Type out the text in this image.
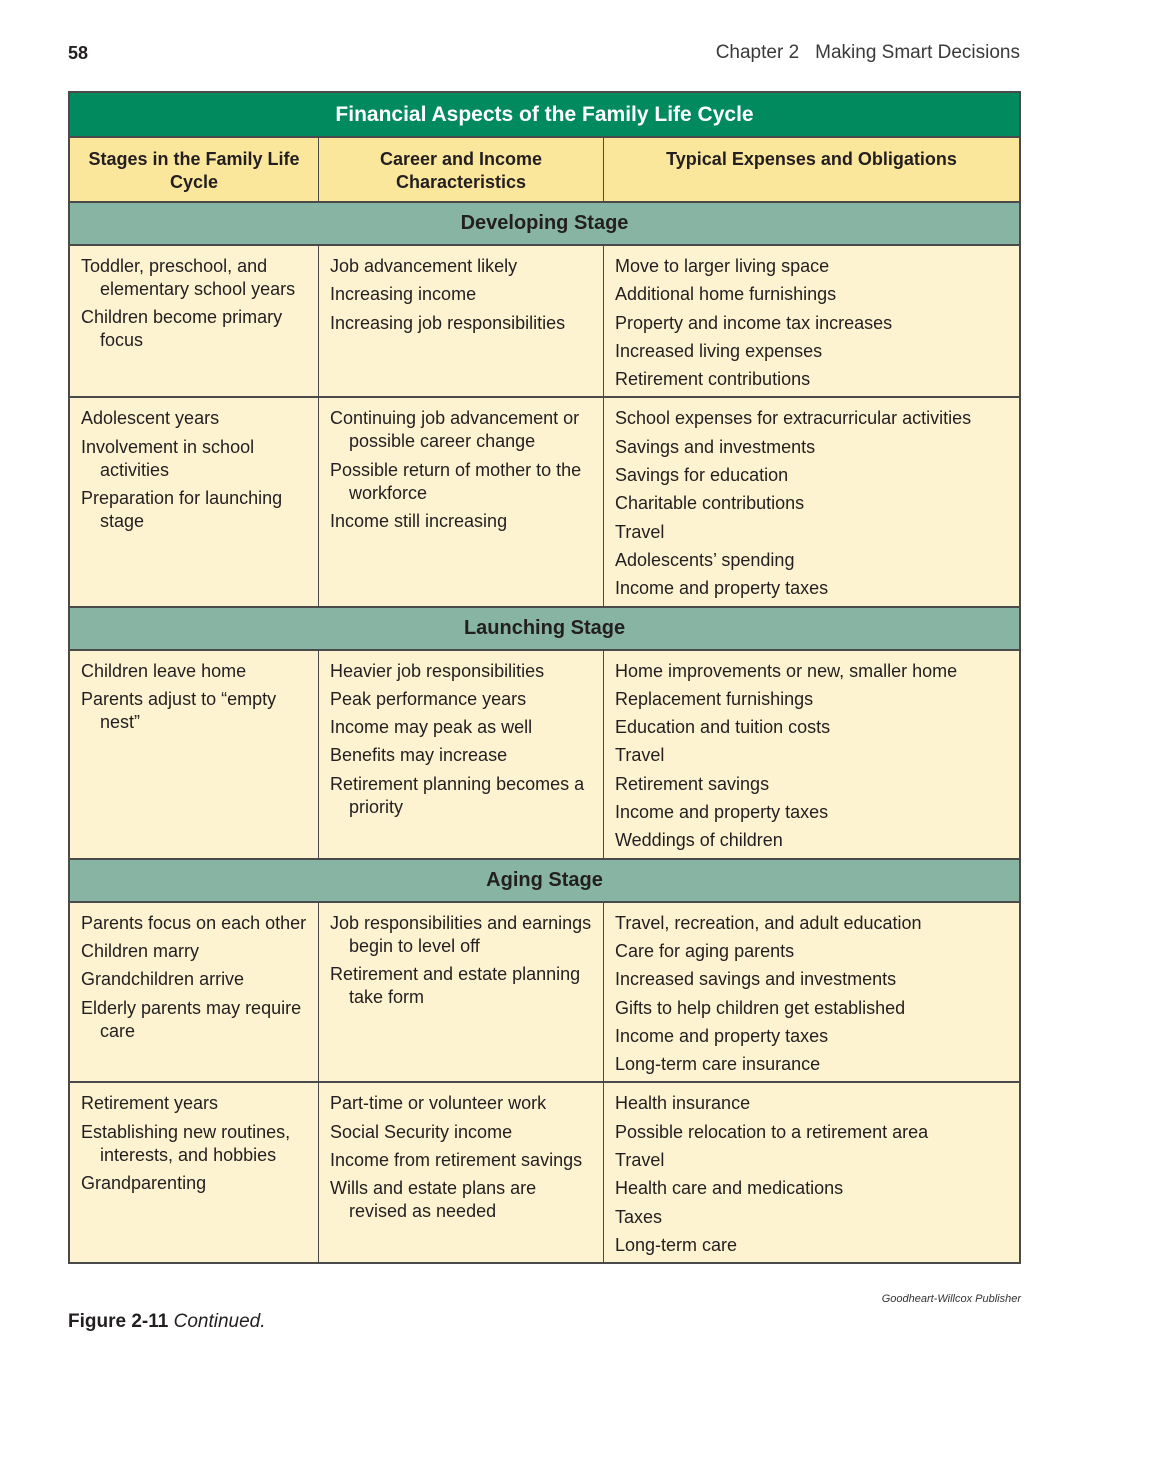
58	Chapter 2 Making Smart Decisions
Financial Aspects of the Family Life Cycle
Stages in the Family Life Cycle
Career and Income Characteristics
Typical Expenses and Obligations
Developing Stage
Toddler, preschool, and elementary school years
Children become primary focus
Job advancement likely
Increasing income
Increasing job responsibilities
Move to larger living space
Additional home furnishings
Property and income tax increases
Increased living expenses
Retirement contributions
Adolescent years
Involvement in school activities
Preparation for launching stage
Continuing job advancement or possible career change
Possible return of mother to the workforce
Income still increasing
School expenses for extracurricular activities
Savings and investments
Savings for education
Charitable contributions
Travel
Adolescents’ spending
Income and property taxes
Launching Stage
Children leave home
Parents adjust to “empty nest”
Heavier job responsibilities
Peak performance years
Income may peak as well
Benefits may increase
Retirement planning becomes a priority
Home improvements or new, smaller home
Replacement furnishings
Education and tuition costs
Travel
Retirement savings
Income and property taxes
Weddings of children
Aging Stage
Parents focus on each other
Children marry
Grandchildren arrive
Elderly parents may require care
Job responsibilities and earnings begin to level off
Retirement and estate planning take form
Travel, recreation, and adult education
Care for aging parents
Increased savings and investments
Gifts to help children get established
Income and property taxes
Long-term care insurance
Retirement years
Establishing new routines, interests, and hobbies
Grandparenting
Part-time or volunteer work
Social Security income
Income from retirement savings
Wills and estate plans are revised as needed
Health insurance
Possible relocation to a retirement area
Travel
Health care and medications
Taxes
Long-term care
Goodheart-Willcox Publisher
Figure 2-11 Continued.
